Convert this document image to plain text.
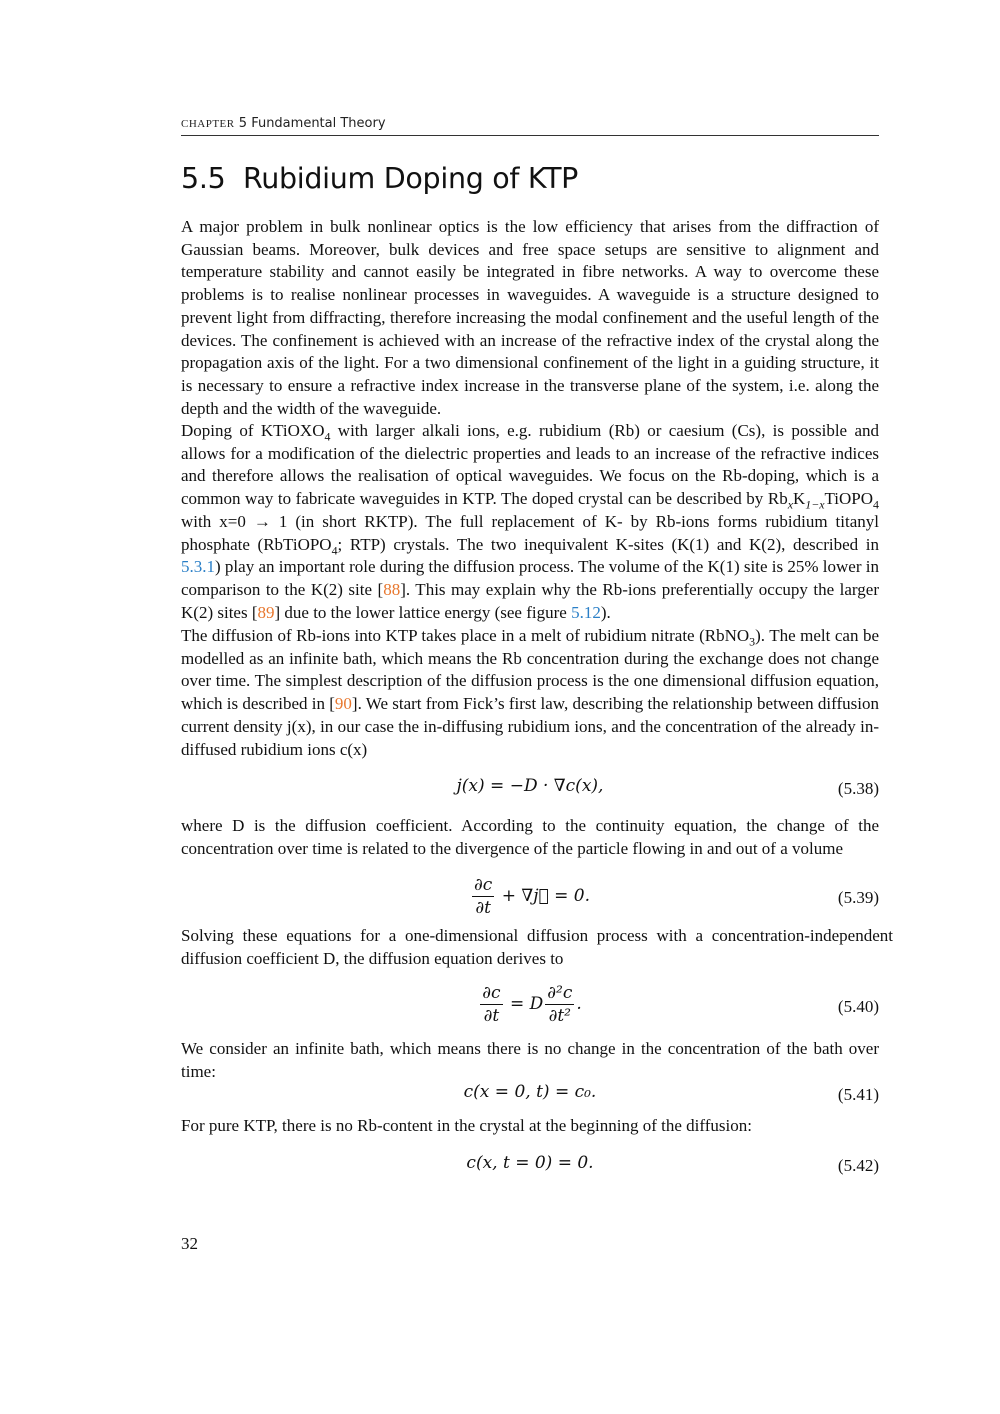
CHAPTER 5 Fundamental Theory
5.5 Rubidium Doping of KTP

A major problem in bulk nonlinear optics is the low efficiency that arises from the diffraction of Gaussian beams. Moreover, bulk devices and free space setups are sensitive to alignment and temperature stability and cannot easily be integrated in fibre networks. A way to overcome these problems is to realise nonlinear processes in waveguides. A waveguide is a structure designed to prevent light from diffracting, therefore increasing the modal confinement and the useful length of the devices. The confinement is achieved with an increase of the refractive index of the crystal along the propagation axis of the light. For a two dimensional confinement of the light in a guiding structure, it is necessary to ensure a refractive index increase in the transverse plane of the system, i.e. along the depth and the width of the waveguide.

Doping of KTiOXO$_4$ with larger alkali ions, e.g. rubidium (Rb) or caesium (Cs), is possible and allows for a modification of the dielectric properties and leads to an increase of the refractive indices and therefore allows the realisation of optical waveguides. We focus on the Rb-doping, which is a common way to fabricate waveguides in KTP. The doped crystal can be described by $Rb_xK_{1-x}TiOPO_4$ with x=0 → 1 (in short RKTP). The full replacement of K- by Rb-ions forms rubidium titanyl phosphate (RbTiOPO$_4$; RTP) crystals. The two inequivalent K-sites (K(1) and K(2), described in 5.3.1) play an important role during the diffusion process. The volume of the K(1) site is 25% lower in comparison to the K(2) site [88]. This may explain why the Rb-ions preferentially occupy the larger K(2) sites [89] due to the lower lattice energy (see figure 5.12).

The diffusion of Rb-ions into KTP takes place in a melt of rubidium nitrate (RbNO$_3$). The melt can be modelled as an infinite bath, which means the Rb concentration during the exchange does not change over time. The simplest description of the diffusion process is the one dimensional diffusion equation, which is described in [90]. We start from Fick’s first law, describing the relationship between diffusion current density j(x), in our case the in-diffusing rubidium ions, and the concentration of the already in-diffused rubidium ions c(x)

j(x) = −D · ∇c(x),	(5.38)

where D is the diffusion coefficient. According to the continuity equation, the change of the concentration over time is related to the divergence of the particle flowing in and out of a volume

$\frac{\partial c}{\partial t}$ + ∇j⃗ = 0.	(5.39)

Solving these equations for a one-dimensional diffusion process with a concentration-independent diffusion coefficient D, the diffusion equation derives to

$\frac{\partial c}{\partial t} = D \frac{\text{∂²c}}{\text{∂t²}}$ .	(5.40)

We consider an infinite bath, which means there is no change in the concentration of the bath over time:

c(x = 0, t) = c₀.	(5.41)

For pure KTP, there is no Rb-content in the crystal at the beginning of the diffusion:

c(x, t = 0) = 0.	(5.42)
32
